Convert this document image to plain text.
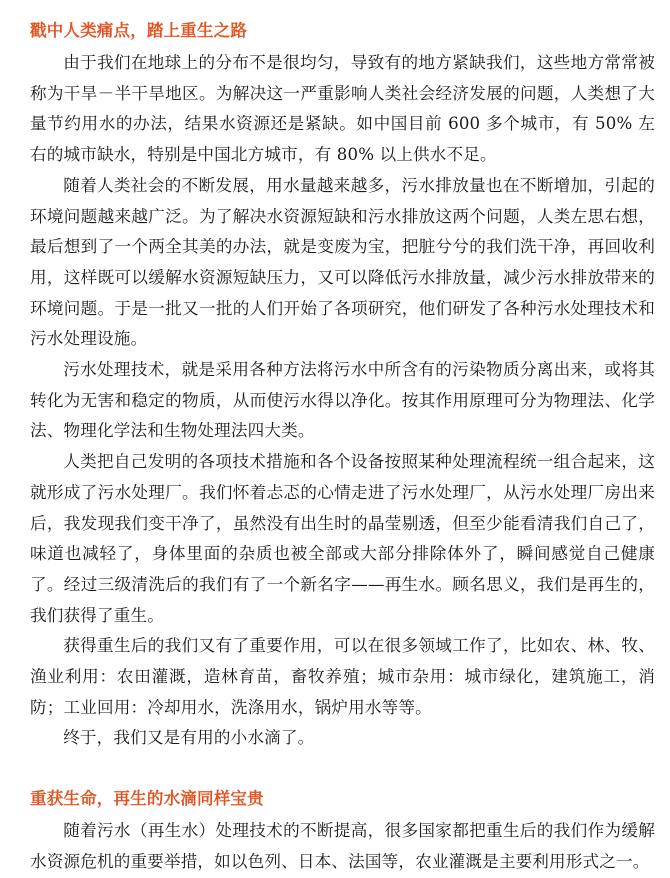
戳中人类痛点，踏上重生之路

由于我们在地球上的分布不是很均匀，导致有的地方紧缺我们，这些地方常常被称为干旱－半干旱地区。为解决这一严重影响人类社会经济发展的问题，人类想了大量节约用水的办法，结果水资源还是紧缺。如中国目前 600 多个城市，有 50% 左右的城市缺水，特别是中国北方城市，有 80% 以上供水不足。

随着人类社会的不断发展，用水量越来越多，污水排放量也在不断增加，引起的环境问题越来越广泛。为了解决水资源短缺和污水排放这两个问题，人类左思右想，最后想到了一个两全其美的办法，就是变废为宝，把脏兮兮的我们洗干净，再回收利用，这样既可以缓解水资源短缺压力，又可以降低污水排放量，减少污水排放带来的环境问题。于是一批又一批的人们开始了各项研究，他们研发了各种污水处理技术和污水处理设施。

污水处理技术，就是采用各种方法将污水中所含有的污染物质分离出来，或将其转化为无害和稳定的物质，从而使污水得以净化。按其作用原理可分为物理法、化学法、物理化学法和生物处理法四大类。

人类把自己发明的各项技术措施和各个设备按照某种处理流程统一组合起来，这就形成了污水处理厂。我们怀着忐忑的心情走进了污水处理厂，从污水处理厂房出来后，我发现我们变干净了，虽然没有出生时的晶莹剔透，但至少能看清我们自己了，味道也减轻了，身体里面的杂质也被全部或大部分排除体外了，瞬间感觉自己健康了。经过三级清洗后的我们有了一个新名字——再生水。顾名思义，我们是再生的，我们获得了重生。

获得重生后的我们又有了重要作用，可以在很多领域工作了，比如农、林、牧、渔业利用：农田灌溉，造林育苗，畜牧养殖；城市杂用：城市绿化，建筑施工，消防；工业回用：冷却用水，洗涤用水，锅炉用水等等。

终于，我们又是有用的小水滴了。

重获生命，再生的水滴同样宝贵

随着污水（再生水）处理技术的不断提高，很多国家都把重生后的我们作为缓解水资源危机的重要举措，如以色列、日本、法国等，农业灌溉是主要利用形式之一。
